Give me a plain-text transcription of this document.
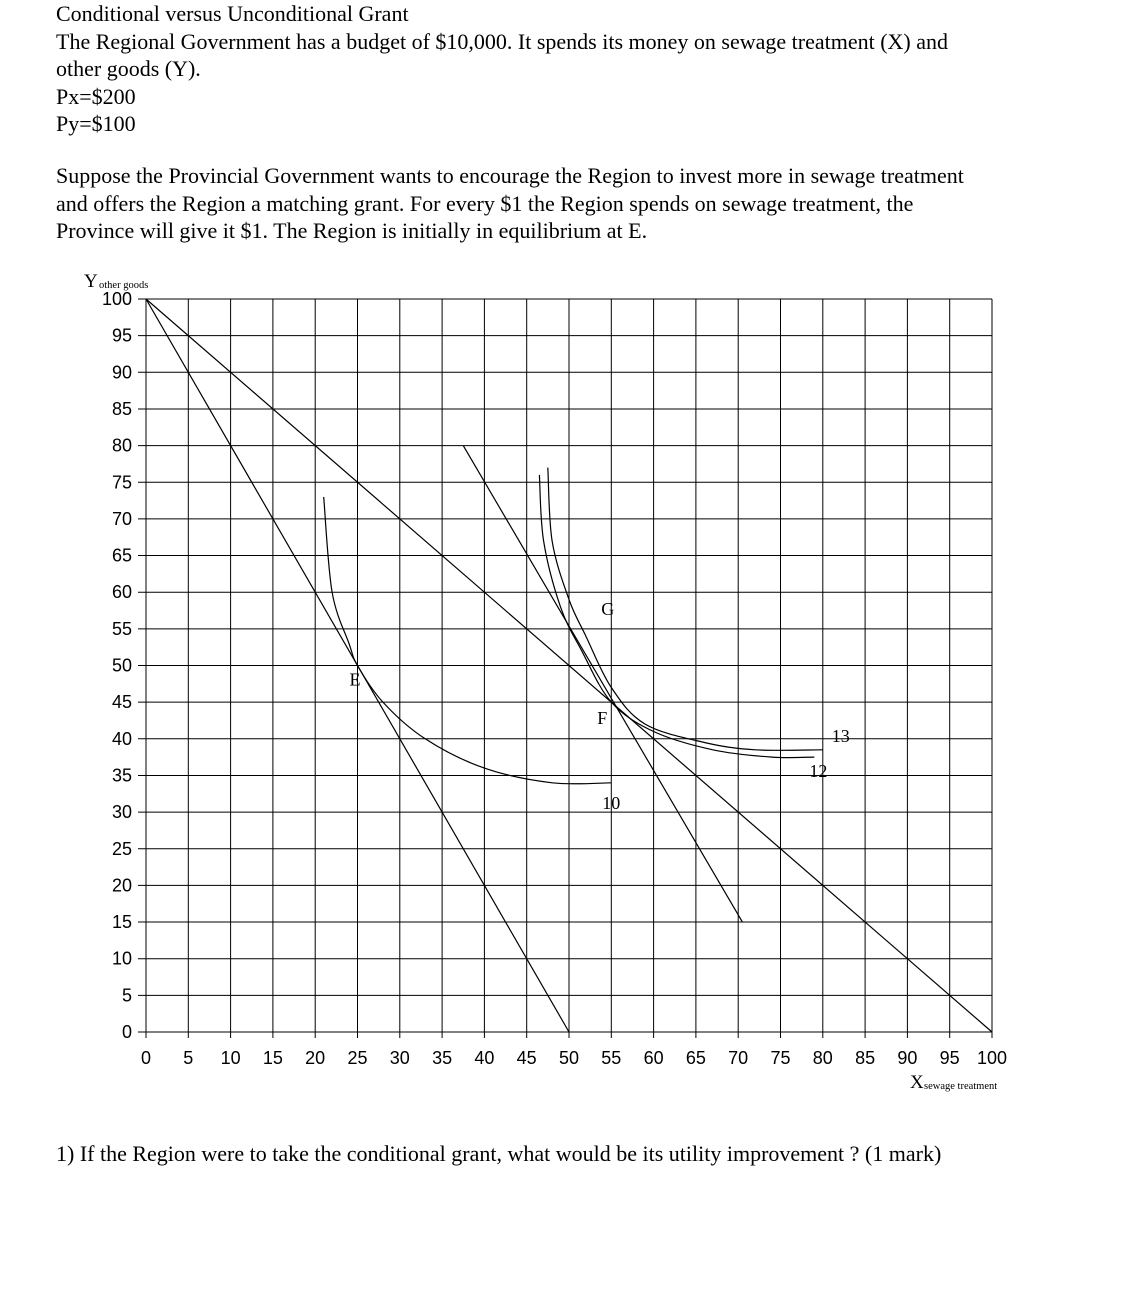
Conditional versus Unconditional Grant
The Regional Government has a budget of $10,000. It spends its money on sewage treatment (X) and
other goods (Y).
Px=$200
Py=$100
Suppose the Provincial Government wants to encourage the Region to invest more in sewage treatment
and offers the Region a matching grant. For every $1 the Region spends on sewage treatment, the
Province will give it $1. The Region is initially in equilibrium at E.
0 5 10 15 20 25 30 35 40 45 50 55 60 65 70 75 80 85 90 95 100
0
5
10
15
20
25
30
35
40
45
50
55
60
65
70
75
80
85
90
95
100
10
12
13
E
G
F
Y other goods
X sewage treatment
1) If the Region were to take the conditional grant, what would be its utility improvement ? (1 mark)
